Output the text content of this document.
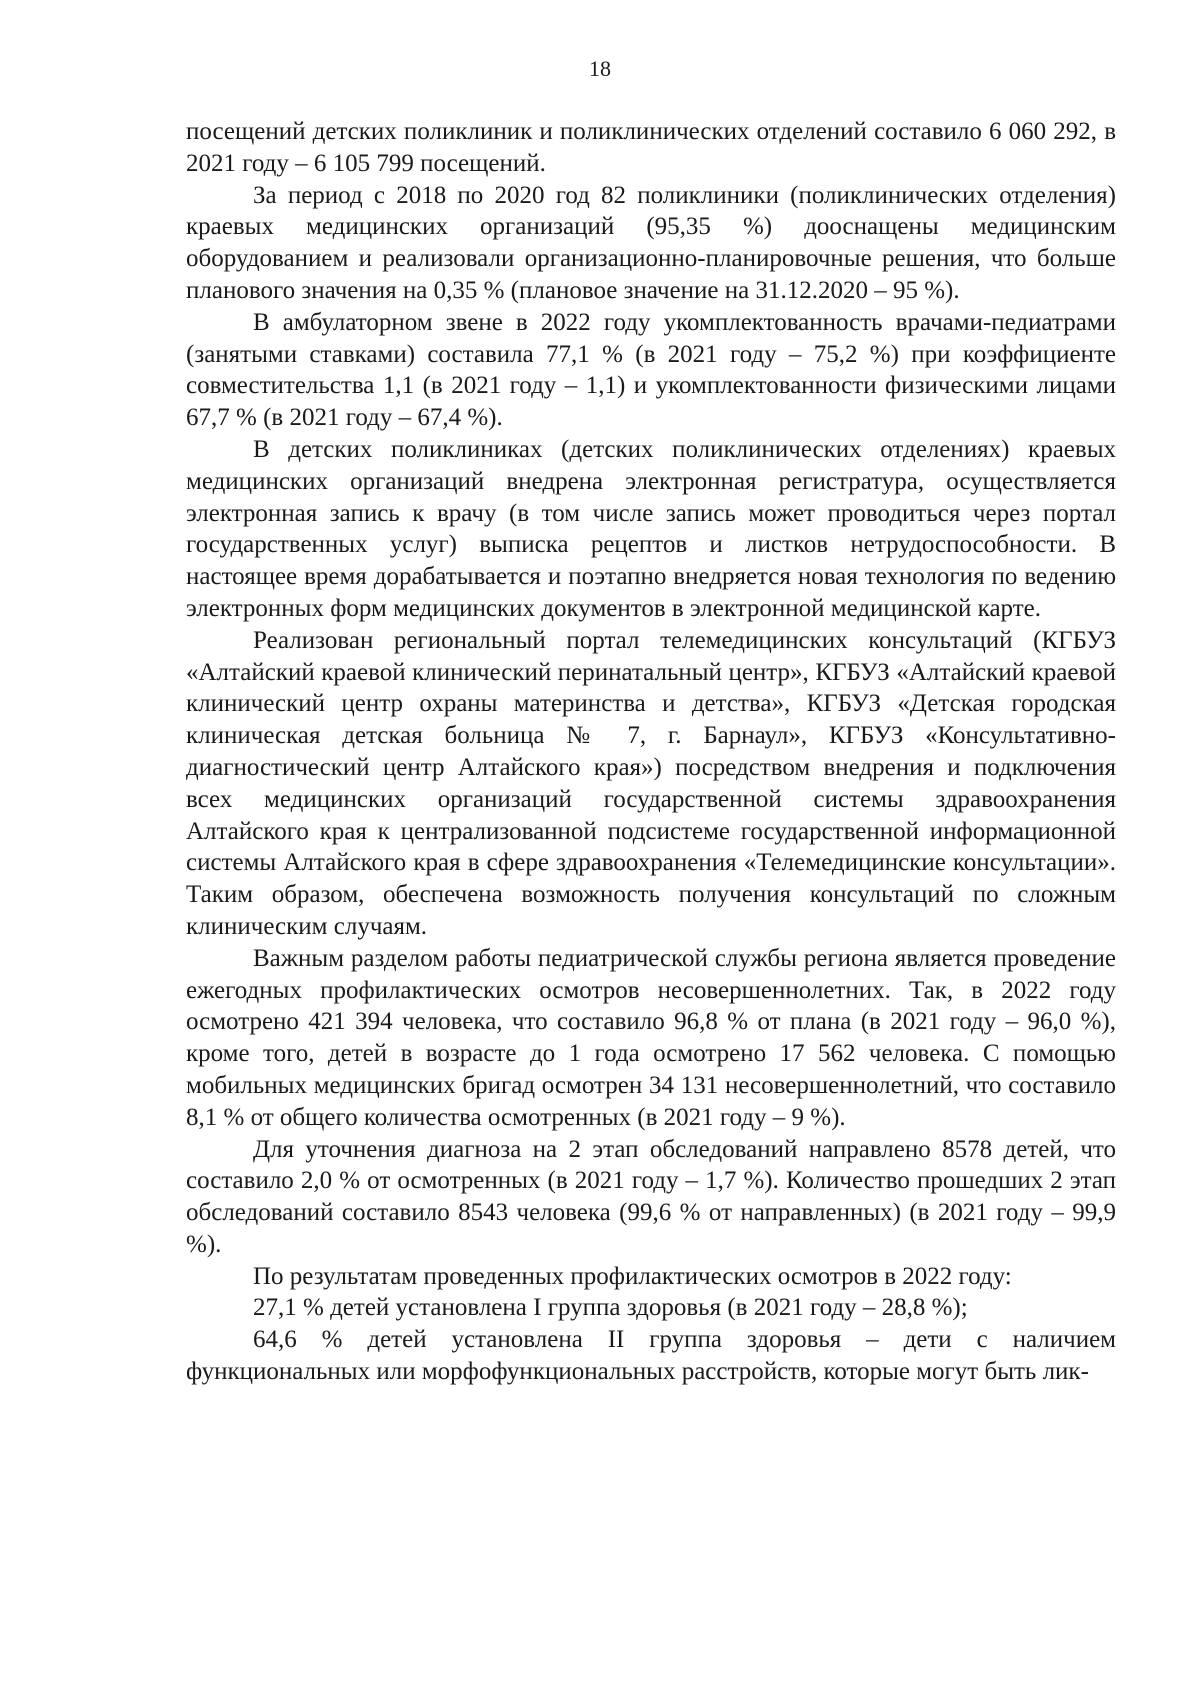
18

посещений детских поликлиник и поликлинических отделений составило 6 060 292, в 2021 году – 6 105 799 посещений.

За период с 2018 по 2020 год 82 поликлиники (поликлинических отделения) краевых медицинских организаций (95,35 %) дооснащены медицинским оборудованием и реализовали организационно-планировочные решения, что больше планового значения на 0,35 % (плановое значение на 31.12.2020 – 95 %).

В амбулаторном звене в 2022 году укомплектованность врачами-педиатрами (занятыми ставками) составила 77,1 % (в 2021 году – 75,2 %) при коэффициенте совместительства 1,1 (в 2021 году – 1,1) и укомплектованности физическими лицами 67,7 % (в 2021 году – 67,4 %).

В детских поликлиниках (детских поликлинических отделениях) краевых медицинских организаций внедрена электронная регистратура, осуществляется электронная запись к врачу (в том числе запись может проводиться через портал государственных услуг) выписка рецептов и листков нетрудоспособности. В настоящее время дорабатывается и поэтапно внедряется новая технология по ведению электронных форм медицинских документов в электронной медицинской карте.

Реализован региональный портал телемедицинских консультаций (КГБУЗ «Алтайский краевой клинический перинатальный центр», КГБУЗ «Алтайский краевой клинический центр охраны материнства и детства», КГБУЗ «Детская городская клиническая детская больница № 7, г. Барнаул», КГБУЗ «Консультативно-диагностический центр Алтайского края») посредством внедрения и подключения всех медицинских организаций государственной системы здравоохранения Алтайского края к централизованной подсистеме государственной информационной системы Алтайского края в сфере здравоохранения «Телемедицинские консультации». Таким образом, обеспечена возможность получения консультаций по сложным клиническим случаям.

Важным разделом работы педиатрической службы региона является проведение ежегодных профилактических осмотров несовершеннолетних. Так, в 2022 году осмотрено 421 394 человека, что составило 96,8 % от плана (в 2021 году – 96,0 %), кроме того, детей в возрасте до 1 года осмотрено 17 562 человека. С помощью мобильных медицинских бригад осмотрен 34 131 несовершеннолетний, что составило 8,1 % от общего количества осмотренных (в 2021 году – 9 %).

Для уточнения диагноза на 2 этап обследований направлено 8578 детей, что составило 2,0 % от осмотренных (в 2021 году – 1,7 %). Количество прошедших 2 этап обследований составило 8543 человека (99,6 % от направленных) (в 2021 году – 99,9 %).

По результатам проведенных профилактических осмотров в 2022 году:

27,1 % детей установлена I группа здоровья (в 2021 году – 28,8 %);

64,6 % детей установлена II группа здоровья – дети с наличием функциональных или морфофункциональных расстройств, которые могут быть лик-
